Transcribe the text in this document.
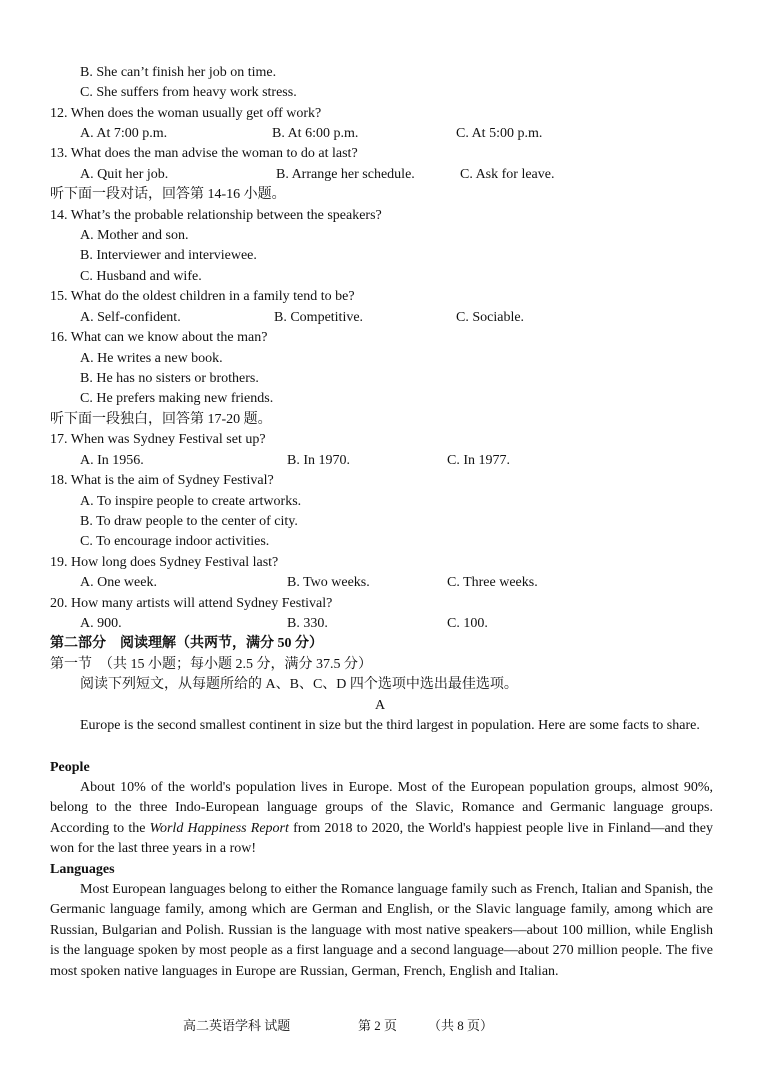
B. She can’t finish her job on time.
C. She suffers from heavy work stress.
12. When does the woman usually get off work?
A. At 7:00 p.m.	B. At 6:00 p.m.	C. At 5:00 p.m.
13. What does the man advise the woman to do at last?
A. Quit her job.	B. Arrange her schedule.	C. Ask for leave.
听下面一段对话，回答第 14-16 小题。
14. What’s the probable relationship between the speakers?
A. Mother and son.
B. Interviewer and interviewee.
C. Husband and wife.
15. What do the oldest children in a family tend to be?
A. Self-confident.	B. Competitive.	C. Sociable.
16. What can we know about the man?
A. He writes a new book.
B. He has no sisters or brothers.
C. He prefers making new friends.
听下面一段独白，回答第 17-20 题。
17. When was Sydney Festival set up?
A. In 1956.	B. In 1970.	C. In 1977.
18. What is the aim of Sydney Festival?
A. To inspire people to create artworks.
B. To draw people to the center of city.
C. To encourage indoor activities.
19. How long does Sydney Festival last?
A. One week.	B. Two weeks.	C. Three weeks.
20. How many artists will attend Sydney Festival?
A. 900.	B. 330.	C. 100.
第二部分　阅读理解（共两节，满分 50 分）
第一节　（共 15 小题；每小题 2.5 分，满分 37.5 分）
阅读下列短文，从每题所给的 A、B、C、D 四个选项中选出最佳选项。
A
Europe is the second smallest continent in size but the third largest in population. Here are some facts to share.
People
About 10% of the world's population lives in Europe. Most of the European population groups, almost 90%, belong to the three Indo-European language groups of the Slavic, Romance and Germanic language groups. According to the World Happiness Report from 2018 to 2020, the World's happiest people live in Finland—and they won for the last three years in a row!
Languages
Most European languages belong to either the Romance language family such as French, Italian and Spanish, the Germanic language family, among which are German and English, or the Slavic language family, among which are Russian, Bulgarian and Polish. Russian is the language with most native speakers—about 100 million, while English is the language spoken by most people as a first language and a second language—about 270 million people. The five most spoken native languages in Europe are Russian, German, French, English and Italian.
高二英语学科 试题	第 2 页 （共 8 页）
